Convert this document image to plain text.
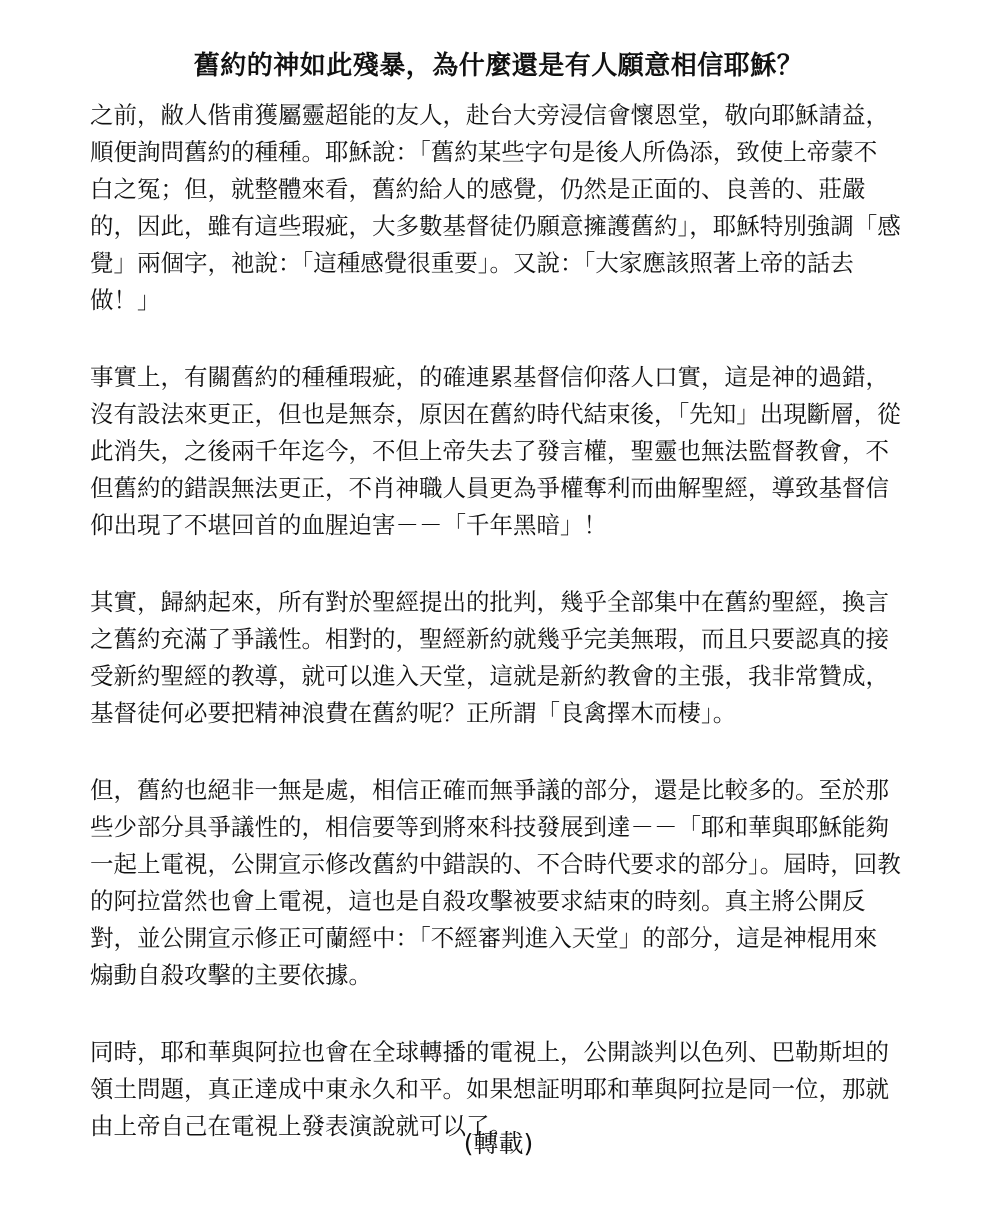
舊約的神如此殘暴，為什麼還是有人願意相信耶穌？
之前，敝人偕甫獲屬靈超能的友人，赴台大旁浸信會懷恩堂，敬向耶穌請益，
順便詢問舊約的種種。耶穌說：「舊約某些字句是後人所偽添，致使上帝蒙不
白之冤；但，就整體來看，舊約給人的感覺，仍然是正面的、良善的、莊嚴
的，因此，雖有這些瑕疵，大多數基督徒仍願意擁護舊約」，耶穌特別強調「感
覺」兩個字，祂說：「這種感覺很重要」。又說：「大家應該照著上帝的話去
做！」
事實上，有關舊約的種種瑕疵，的確連累基督信仰落人口實，這是神的過錯，
沒有設法來更正，但也是無奈，原因在舊約時代結束後，「先知」出現斷層，從
此消失，之後兩千年迄今，不但上帝失去了發言權，聖靈也無法監督教會，不
但舊約的錯誤無法更正，不肖神職人員更為爭權奪利而曲解聖經，導致基督信
仰出現了不堪回首的血腥迫害－－「千年黑暗」！
其實，歸納起來，所有對於聖經提出的批判，幾乎全部集中在舊約聖經，換言
之舊約充滿了爭議性。相對的，聖經新約就幾乎完美無瑕，而且只要認真的接
受新約聖經的教導，就可以進入天堂，這就是新約教會的主張，我非常贊成，
基督徒何必要把精神浪費在舊約呢？正所謂「良禽擇木而棲」。
但，舊約也絕非一無是處，相信正確而無爭議的部分，還是比較多的。至於那
些少部分具爭議性的，相信要等到將來科技發展到達－－「耶和華與耶穌能夠
一起上電視，公開宣示修改舊約中錯誤的、不合時代要求的部分」。屆時，回教
的阿拉當然也會上電視，這也是自殺攻擊被要求結束的時刻。真主將公開反
對，並公開宣示修正可蘭經中：「不經審判進入天堂」的部分，這是神棍用來
煽動自殺攻擊的主要依據。
同時，耶和華與阿拉也會在全球轉播的電視上，公開談判以色列、巴勒斯坦的
領土問題，真正達成中東永久和平。如果想証明耶和華與阿拉是同一位，那就
由上帝自己在電視上發表演說就可以了。
(轉載)
